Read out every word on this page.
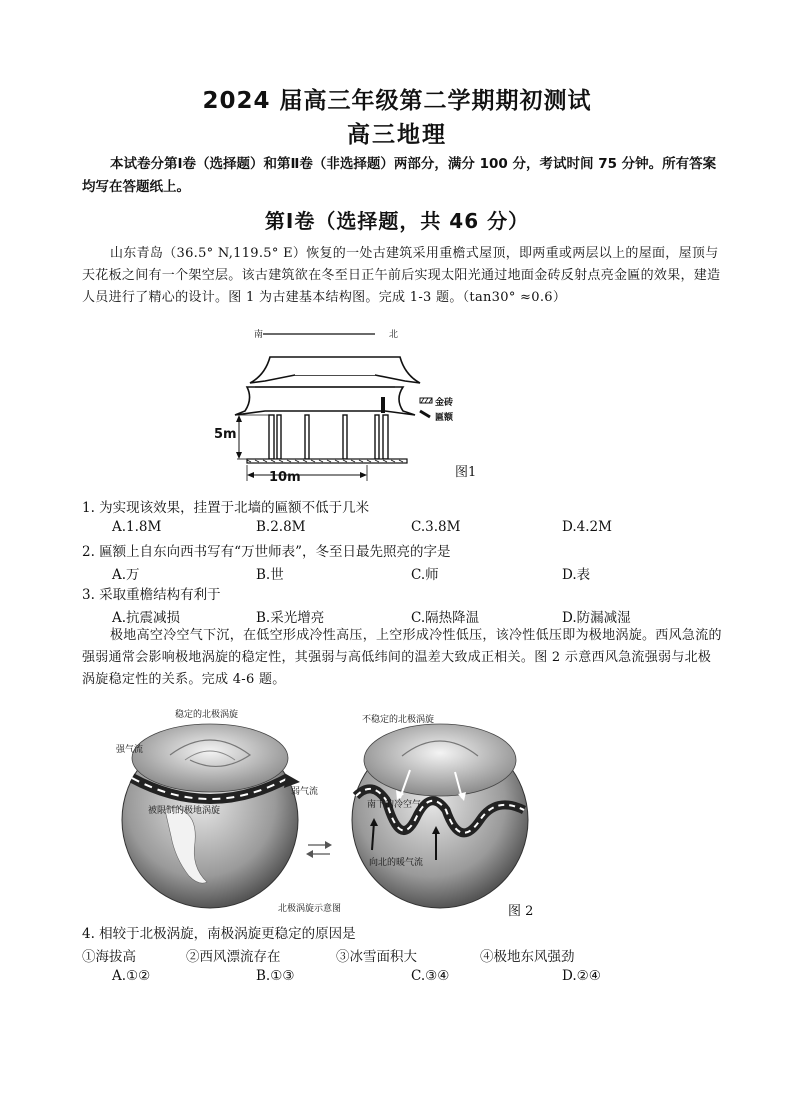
2024 届高三年级第二学期期初测试
高三地理
本试卷分第Ⅰ卷（选择题）和第Ⅱ卷（非选择题）两部分，满分 100 分，考试时间 75 分钟。所有答案均写在答题纸上。
第Ⅰ卷（选择题，共 46 分）
山东青岛（36.5° N,119.5° E）恢复的一处古建筑采用重檐式屋顶，即两重或两层以上的屋面，屋顶与天花板之间有一个架空层。该古建筑欲在冬至日正午前后实现太阳光通过地面金砖反射点亮金匾的效果，建造人员进行了精心的设计。图 1 为古建基本结构图。完成 1-3 题。（tan30° ≈0.6）
南	北
金砖
匾额
5m
10m	图1
1. 为实现该效果，挂置于北墙的匾额不低于几米
A.1.8M	B.2.8M	C.3.8M	D.4.2M
2. 匾额上自东向西书写有“万世师表”，冬至日最先照亮的字是
A.万	B.世	C.师	D.表
3. 采取重檐结构有利于
A.抗震减损	B.采光增亮	C.隔热降温	D.防漏减湿
极地高空冷空气下沉，在低空形成冷性高压，上空形成冷性低压，该冷性低压即为极地涡旋。西风急流的强弱通常会影响极地涡旋的稳定性，其强弱与高低纬间的温差大致成正相关。图 2 示意西风急流强弱与北极涡旋稳定性的关系。完成 4-6 题。
稳定的北极涡旋	不稳定的北极涡旋
强气流
弱气流
被限制的极地涡旋
南下的冷空气
向北的暖气流
北极涡旋示意图	图 2
4. 相较于北极涡旋，南极涡旋更稳定的原因是
①海拔高	②西风漂流存在	③冰雪面积大	④极地东风强劲
A.①②	B.①③	C.③④	D.②④
